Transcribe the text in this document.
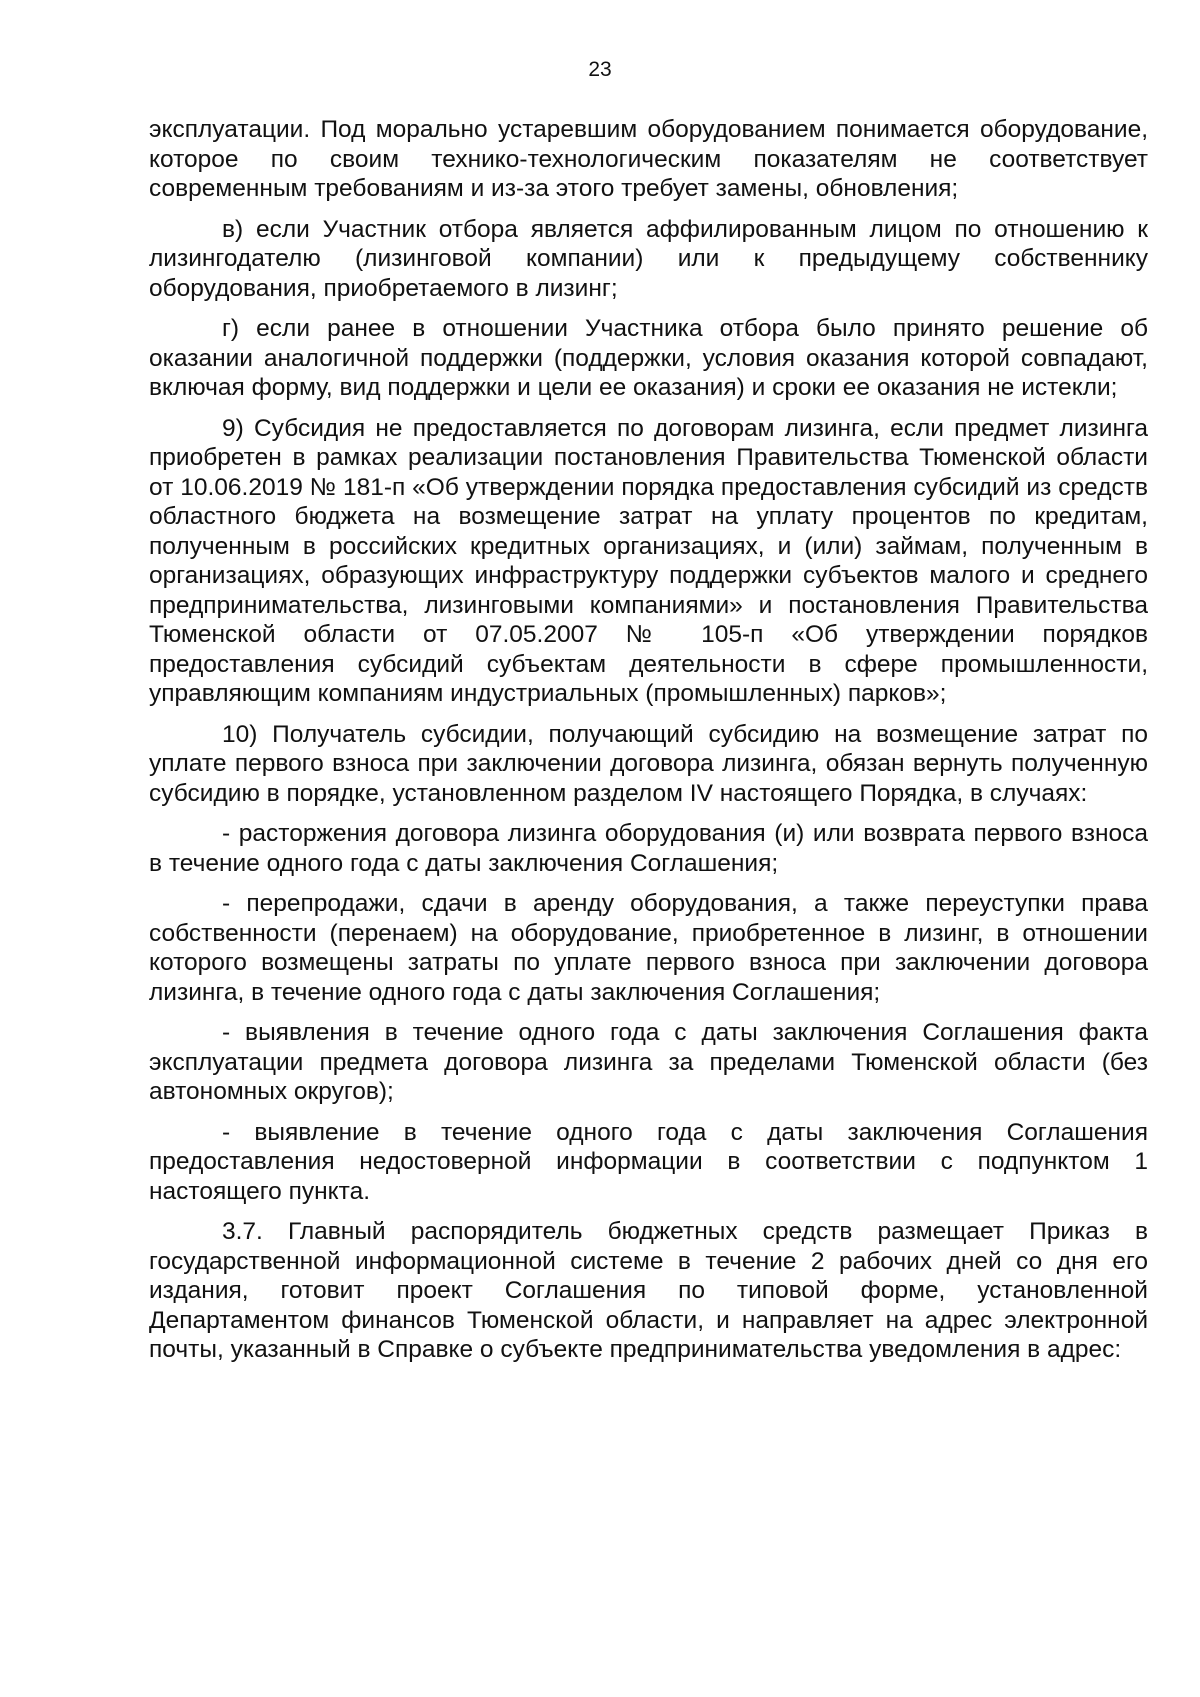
23

эксплуатации. Под морально устаревшим оборудованием понимается оборудование, которое по своим технико-технологическим показателям не соответствует современным требованиям и из-за этого требует замены, обновления;

в) если Участник отбора является аффилированным лицом по отношению к лизингодателю (лизинговой компании) или к предыдущему собственнику оборудования, приобретаемого в лизинг;

г) если ранее в отношении Участника отбора было принято решение об оказании аналогичной поддержки (поддержки, условия оказания которой совпадают, включая форму, вид поддержки и цели ее оказания) и сроки ее оказания не истекли;

9) Субсидия не предоставляется по договорам лизинга, если предмет лизинга приобретен в рамках реализации постановления Правительства Тюменской области от 10.06.2019 № 181-п «Об утверждении порядка предоставления субсидий из средств областного бюджета на возмещение затрат на уплату процентов по кредитам, полученным в российских кредитных организациях, и (или) займам, полученным в организациях, образующих инфраструктуру поддержки субъектов малого и среднего предпринимательства, лизинговыми компаниями» и постановления Правительства Тюменской области от 07.05.2007 № 105-п «Об утверждении порядков предоставления субсидий субъектам деятельности в сфере промышленности, управляющим компаниям индустриальных (промышленных) парков»;

10) Получатель субсидии, получающий субсидию на возмещение затрат по уплате первого взноса при заключении договора лизинга, обязан вернуть полученную субсидию в порядке, установленном разделом IV настоящего Порядка, в случаях:

- расторжения договора лизинга оборудования (и) или возврата первого взноса в течение одного года с даты заключения Соглашения;

- перепродажи, сдачи в аренду оборудования, а также переуступки права собственности (перенаем) на оборудование, приобретенное в лизинг, в отношении которого возмещены затраты по уплате первого взноса при заключении договора лизинга, в течение одного года с даты заключения Соглашения;

- выявления в течение одного года с даты заключения Соглашения факта эксплуатации предмета договора лизинга за пределами Тюменской области (без автономных округов);

- выявление в течение одного года с даты заключения Соглашения предоставления недостоверной информации в соответствии с подпунктом 1 настоящего пункта.

3.7. Главный распорядитель бюджетных средств размещает Приказ в государственной информационной системе в течение 2 рабочих дней со дня его издания, готовит проект Соглашения по типовой форме, установленной Департаментом финансов Тюменской области, и направляет на адрес электронной почты, указанный в Справке о субъекте предпринимательства уведомления в адрес:
